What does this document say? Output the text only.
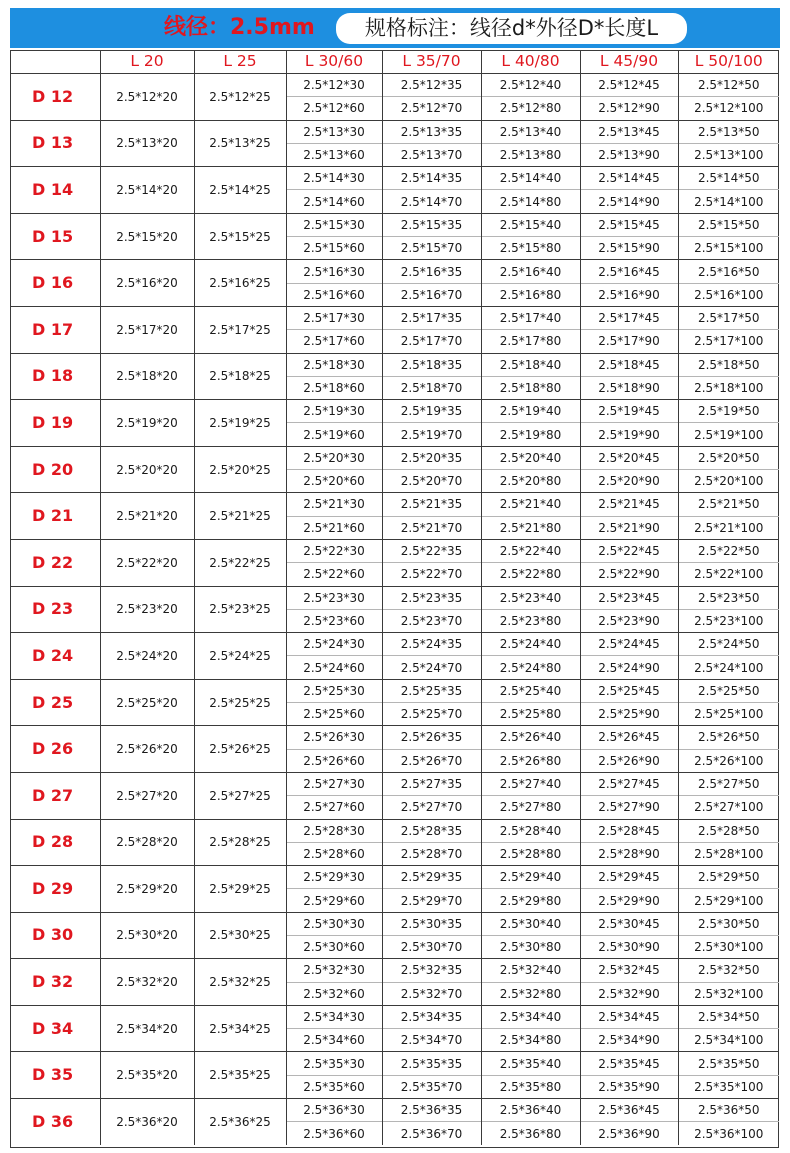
线径：2.5mm	规格标注：线径d*外径D*长度L
	L 20	L 25	L 30/60	L 35/70	L 40/80	L 45/90	L 50/100
D 12	2.5*12*20	2.5*12*25	2.5*12*30	2.5*12*35	2.5*12*40	2.5*12*45	2.5*12*50
			2.5*12*60	2.5*12*70	2.5*12*80	2.5*12*90	2.5*12*100
D 13	2.5*13*20	2.5*13*25	2.5*13*30	2.5*13*35	2.5*13*40	2.5*13*45	2.5*13*50
			2.5*13*60	2.5*13*70	2.5*13*80	2.5*13*90	2.5*13*100
D 14	2.5*14*20	2.5*14*25	2.5*14*30	2.5*14*35	2.5*14*40	2.5*14*45	2.5*14*50
			2.5*14*60	2.5*14*70	2.5*14*80	2.5*14*90	2.5*14*100
D 15	2.5*15*20	2.5*15*25	2.5*15*30	2.5*15*35	2.5*15*40	2.5*15*45	2.5*15*50
			2.5*15*60	2.5*15*70	2.5*15*80	2.5*15*90	2.5*15*100
D 16	2.5*16*20	2.5*16*25	2.5*16*30	2.5*16*35	2.5*16*40	2.5*16*45	2.5*16*50
			2.5*16*60	2.5*16*70	2.5*16*80	2.5*16*90	2.5*16*100
D 17	2.5*17*20	2.5*17*25	2.5*17*30	2.5*17*35	2.5*17*40	2.5*17*45	2.5*17*50
			2.5*17*60	2.5*17*70	2.5*17*80	2.5*17*90	2.5*17*100
D 18	2.5*18*20	2.5*18*25	2.5*18*30	2.5*18*35	2.5*18*40	2.5*18*45	2.5*18*50
			2.5*18*60	2.5*18*70	2.5*18*80	2.5*18*90	2.5*18*100
D 19	2.5*19*20	2.5*19*25	2.5*19*30	2.5*19*35	2.5*19*40	2.5*19*45	2.5*19*50
			2.5*19*60	2.5*19*70	2.5*19*80	2.5*19*90	2.5*19*100
D 20	2.5*20*20	2.5*20*25	2.5*20*30	2.5*20*35	2.5*20*40	2.5*20*45	2.5*20*50
			2.5*20*60	2.5*20*70	2.5*20*80	2.5*20*90	2.5*20*100
D 21	2.5*21*20	2.5*21*25	2.5*21*30	2.5*21*35	2.5*21*40	2.5*21*45	2.5*21*50
			2.5*21*60	2.5*21*70	2.5*21*80	2.5*21*90	2.5*21*100
D 22	2.5*22*20	2.5*22*25	2.5*22*30	2.5*22*35	2.5*22*40	2.5*22*45	2.5*22*50
			2.5*22*60	2.5*22*70	2.5*22*80	2.5*22*90	2.5*22*100
D 23	2.5*23*20	2.5*23*25	2.5*23*30	2.5*23*35	2.5*23*40	2.5*23*45	2.5*23*50
			2.5*23*60	2.5*23*70	2.5*23*80	2.5*23*90	2.5*23*100
D 24	2.5*24*20	2.5*24*25	2.5*24*30	2.5*24*35	2.5*24*40	2.5*24*45	2.5*24*50
			2.5*24*60	2.5*24*70	2.5*24*80	2.5*24*90	2.5*24*100
D 25	2.5*25*20	2.5*25*25	2.5*25*30	2.5*25*35	2.5*25*40	2.5*25*45	2.5*25*50
			2.5*25*60	2.5*25*70	2.5*25*80	2.5*25*90	2.5*25*100
D 26	2.5*26*20	2.5*26*25	2.5*26*30	2.5*26*35	2.5*26*40	2.5*26*45	2.5*26*50
			2.5*26*60	2.5*26*70	2.5*26*80	2.5*26*90	2.5*26*100
D 27	2.5*27*20	2.5*27*25	2.5*27*30	2.5*27*35	2.5*27*40	2.5*27*45	2.5*27*50
			2.5*27*60	2.5*27*70	2.5*27*80	2.5*27*90	2.5*27*100
D 28	2.5*28*20	2.5*28*25	2.5*28*30	2.5*28*35	2.5*28*40	2.5*28*45	2.5*28*50
			2.5*28*60	2.5*28*70	2.5*28*80	2.5*28*90	2.5*28*100
D 29	2.5*29*20	2.5*29*25	2.5*29*30	2.5*29*35	2.5*29*40	2.5*29*45	2.5*29*50
			2.5*29*60	2.5*29*70	2.5*29*80	2.5*29*90	2.5*29*100
D 30	2.5*30*20	2.5*30*25	2.5*30*30	2.5*30*35	2.5*30*40	2.5*30*45	2.5*30*50
			2.5*30*60	2.5*30*70	2.5*30*80	2.5*30*90	2.5*30*100
D 32	2.5*32*20	2.5*32*25	2.5*32*30	2.5*32*35	2.5*32*40	2.5*32*45	2.5*32*50
			2.5*32*60	2.5*32*70	2.5*32*80	2.5*32*90	2.5*32*100
D 34	2.5*34*20	2.5*34*25	2.5*34*30	2.5*34*35	2.5*34*40	2.5*34*45	2.5*34*50
			2.5*34*60	2.5*34*70	2.5*34*80	2.5*34*90	2.5*34*100
D 35	2.5*35*20	2.5*35*25	2.5*35*30	2.5*35*35	2.5*35*40	2.5*35*45	2.5*35*50
			2.5*35*60	2.5*35*70	2.5*35*80	2.5*35*90	2.5*35*100
D 36	2.5*36*20	2.5*36*25	2.5*36*30	2.5*36*35	2.5*36*40	2.5*36*45	2.5*36*50
			2.5*36*60	2.5*36*70	2.5*36*80	2.5*36*90	2.5*36*100
